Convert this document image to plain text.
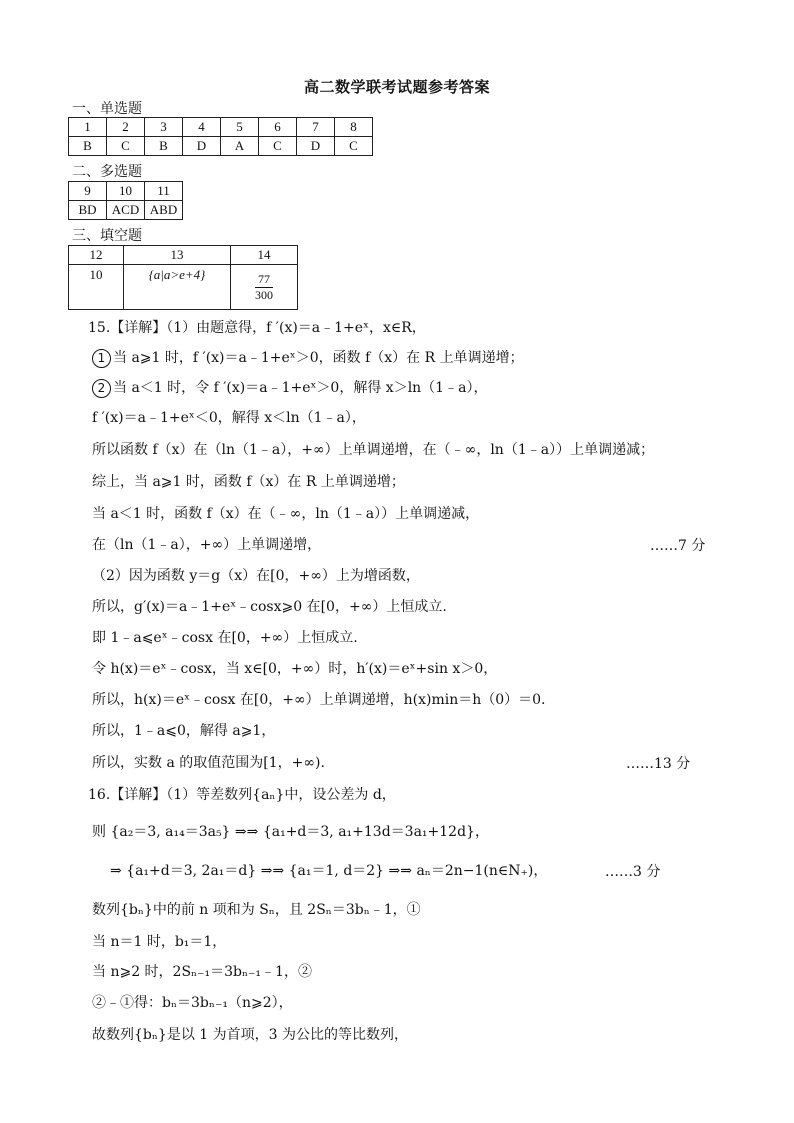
高二数学联考试题参考答案
一、单选题
1	2	3	4	5	6	7	8
B	C	B	D	A	C	D	C
二、多选题
9	10	11
BD	ACD	ABD
三、填空题
12	13	14
10	{a|a>e+4}	$\frac{77}{300}$
15.【详解】（1）由题意得，f ′(x)＝a﹣1+eˣ，x∈R，
1 当 a⩾1 时，f ′(x)＝a﹣1+eˣ＞0，函数 f（x）在 R 上单调递增；
2 当 a＜1 时，令 f ′(x)＝a﹣1+eˣ＞0，解得 x＞ln（1﹣a），
f ′(x)＝a﹣1+eˣ＜0，解得 x＜ln（1﹣a），
所以函数 f（x）在（ln（1﹣a），+∞）上单调递增，在（﹣∞，ln（1﹣a））上单调递减；
综上，当 a⩾1 时，函数 f（x）在 R 上单调递增；
当 a＜1 时，函数 f（x）在（﹣∞，ln（1﹣a））上单调递减，
在（ln（1﹣a），+∞）上单调递增，	……7 分
（2）因为函数 y＝g（x）在[0，+∞）上为增函数，
所以，g′(x)＝a﹣1+eˣ﹣cosx⩾0 在[0，+∞）上恒成立.
即 1﹣a⩽eˣ﹣cosx 在[0，+∞）上恒成立.
令 h(x)＝eˣ﹣cosx，当 x∈[0，+∞）时，h′(x)＝eˣ+sin x＞0，
所以，h(x)＝eˣ﹣cosx 在[0，+∞）上单调递增，h(x)min＝h（0）＝0.
所以，1﹣a⩽0，解得 a⩾1，
所以，实数 a 的取值范围为[1，+∞).	……13 分
16.【详解】（1）等差数列{aₙ}中，设公差为 d，
则 {a₂＝3, a₁₄＝3a₅} ⇒⇒ {a₁+d＝3, a₁+13d＝3a₁+12d}，
⇒ {a₁+d＝3, 2a₁＝d} ⇒⇒ {a₁＝1, d＝2} ⇒⇒ aₙ＝2n−1(n∈N₊)，	……3 分
数列{bₙ}中的前 n 项和为 Sₙ，且 2Sₙ＝3bₙ﹣1，①
当 n＝1 时，b₁＝1，
当 n⩾2 时，2Sₙ₋₁＝3bₙ₋₁﹣1，②
②﹣①得：bₙ＝3bₙ₋₁（n⩾2），
故数列{bₙ}是以 1 为首项，3 为公比的等比数列，
